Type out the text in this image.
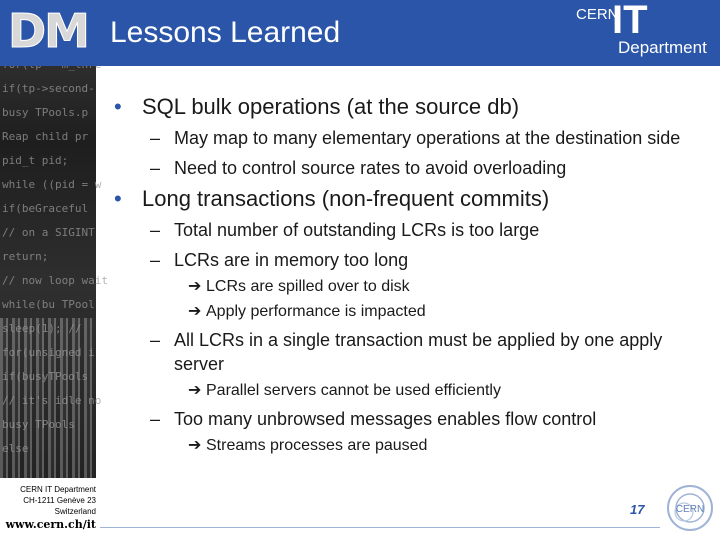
if(tp->second-
busy TPools.p
Reap child pr
pid_t pid;
while ((pid = w
if(beGraceful
// on a SIGINT
return;
// now loop wait
while(bu TPool
sleep(1); //
for(unsigned i
if(busyTPools
// it's idle no
busy TPools
else
DM Lessons Learned
CERN
IT
Department
• SQL bulk operations (at the source db)
– May map to many elementary operations at the destination side
– Need to control source rates to avoid overloading
• Long transactions (non-frequent commits)
– Total number of outstanding LCRs is too large
– LCRs are in memory too long
➔ LCRs are spilled over to disk
➔ Apply performance is impacted
– All LCRs in a single transaction must be applied by one apply server
➔ Parallel servers cannot be used efficiently
– Too many unbrowsed messages enables flow control
➔ Streams processes are paused
CERN IT Department
CH-1211 Genève 23
Switzerland
www.cern.ch/it
17	CERN
